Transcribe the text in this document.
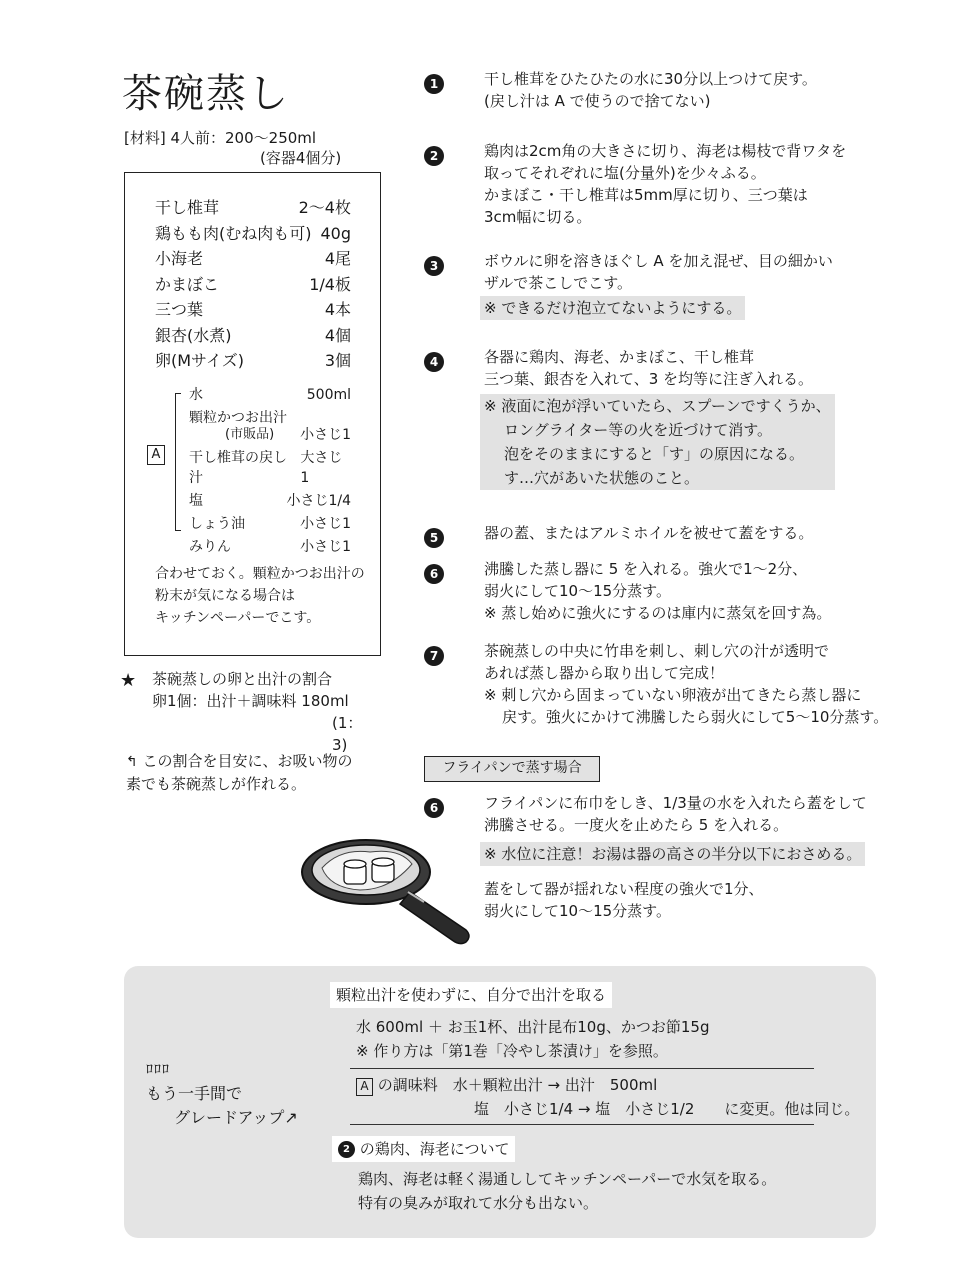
茶碗蒸し
[材料] 4人前：200～250ml
(容器4個分)
干し椎茸	2～4枚
鶏もも肉(むね肉も可) 40g
小海老	4尾
かまぼこ	1/4板
三つ葉	4本
銀杏(水煮)	4個
卵(Mサイズ)	3個
A
水	500ml
顆粒かつお出汁
(市販品)	小さじ1
干し椎茸の戻し汁
大さじ1
塩	小さじ1/4
しょう油	小さじ1
みりん	小さじ1
合わせておく。顆粒かつお出汁の
粉末が気になる場合は
キッチンペーパーでこす。
★ 茶碗蒸しの卵と出汁の割合
卵1個：出汁＋調味料 180ml
(1：3)
↰ この割合を目安に、お吸い物の
素でも茶碗蒸しが作れる。
1	干し椎茸をひたひたの水に30分以上つけて戻す。

(戻し汁は A で使うので捨てない)

2	鶏肉は2cm角の大きさに切り、海老は楊枝で背ワタを

取ってそれぞれに塩(分量外)を少々ふる。

かまぼこ・干し椎茸は5mm厚に切り、三つ葉は

3cm幅に切る。

3	ボウルに卵を溶きほぐし A を加え混ぜ、目の細かい

ザルで茶こしでこす。

※ できるだけ泡立てないようにする。
4	各器に鶏肉、海老、かまぼこ、干し椎茸

三つ葉、銀杏を入れて、3 を均等に注ぎ入れる。

※ 液面に泡が浮いていたら、スプーンですくうか、
ロングライター等の火を近づけて消す。
泡をそのままにすると「す」の原因になる。
す…穴があいた状態のこと。
5	器の蓋、またはアルミホイルを被せて蓋をする。

6	沸騰した蒸し器に 5 を入れる。強火で1～2分、

弱火にして10～15分蒸す。

※ 蒸し始めに強火にするのは庫内に蒸気を回す為。

7	茶碗蒸しの中央に竹串を刺し、刺し穴の汁が透明で

あれば蒸し器から取り出して完成！

※ 刺し穴から固まっていない卵液が出てきたら蒸し器に

戻す。強火にかけて沸騰したら弱火にして5～10分蒸す。

フライパンで蒸す場合
6	フライパンに布巾をしき、1/3量の水を入れたら蓋をして

沸騰させる。一度火を止めたら 5 を入れる。

※ 水位に注意！お湯は器の高さの半分以下におさめる。

蓋をして器が揺れない程度の強火で1分、

弱火にして10～15分蒸す。

ﾛﾛﾛ
もう一手間で
グレードアップ↗
顆粒出汁を使わずに、自分で出汁を取る
水 600ml ＋ お玉1杯、出汁昆布10g、かつお節15g
※ 作り方は「第1巻「冷やし茶漬け」を参照。
A の調味料　水＋顆粒出汁 → 出汁　500ml
塩　小さじ1/4 → 塩　小さじ1/2　　に変更。他は同じ。
2 の鶏肉、海老について
鶏肉、海老は軽く湯通ししてキッチンペーパーで水気を取る。
特有の臭みが取れて水分も出ない。
